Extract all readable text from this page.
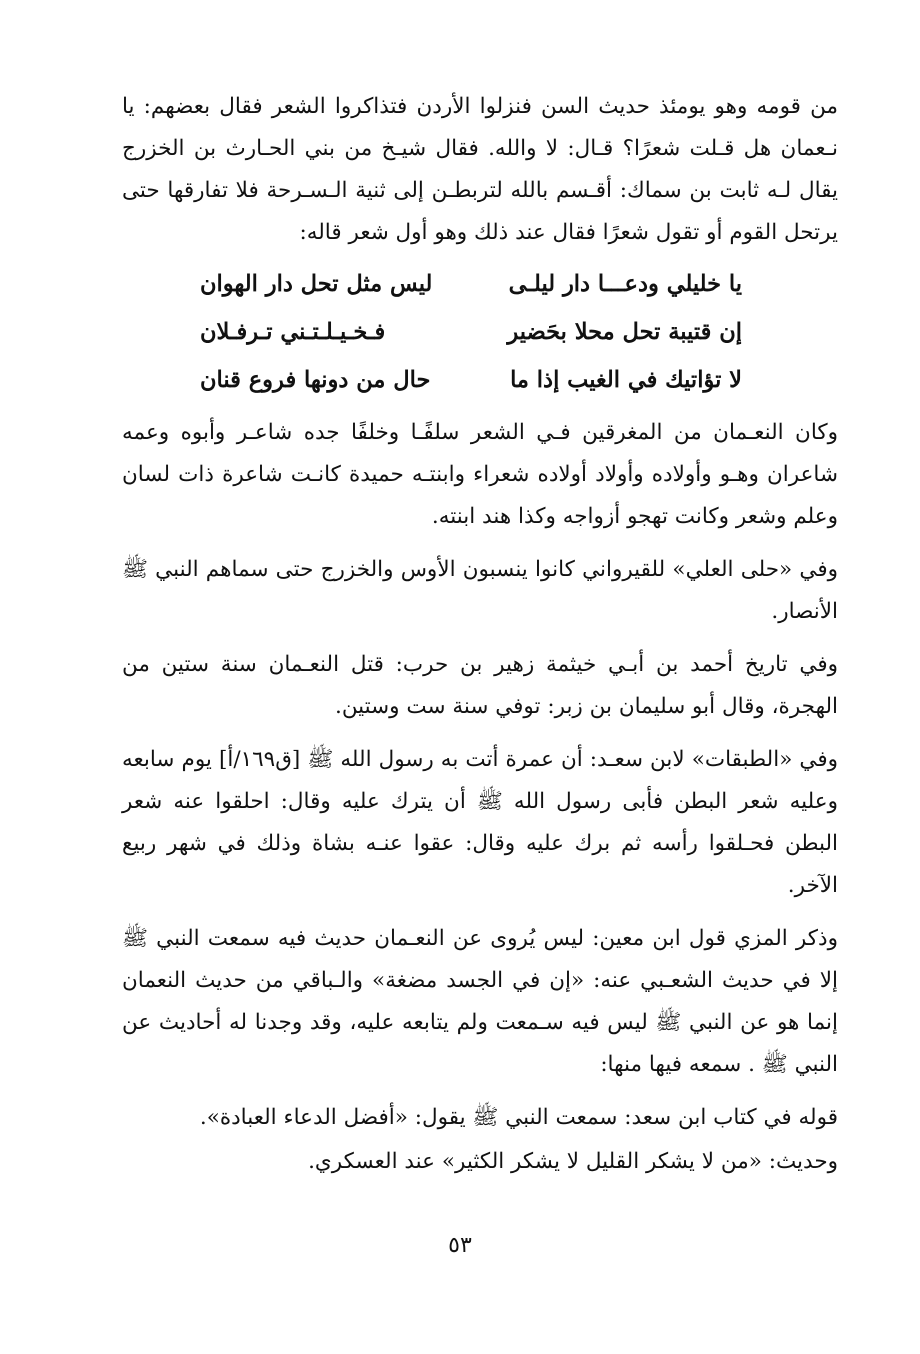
من قومه وهو يومئذ حديث السن فنزلوا الأردن فتذاكروا الشعر فقال بعضهم: يا نـعمان هل قـلت شعرًا؟ قـال: لا والله. فقال شيـخ من بني الحـارث بن الخزرج يقال لـه ثابت بن سماك: أقـسم بالله لتربطـن إلى ثنية الـسـرحة فلا تفارقها حتى يرتحل القوم أو تقول شعرًا فقال عند ذلك وهو أول شعر قاله:

يا خليلي ودعـــا دار ليلـى
ليس مثل تحل دار الهوان
إن قتيبة تحل محلا بحَضير
فـخـيـلـتـني تـرفـلان
لا تؤاتيك في الغيب إذا ما
حال من دونها فروع قنان

وكان النعـمان من المغرقين فـي الشعر سلفًـا وخلفًا جده شاعـر وأبوه وعمه شاعران وهـو وأولاده وأولاد أولاده شعراء وابنتـه حميدة كانـت شاعرة ذات لسان وعلم وشعر وكانت تهجو أزواجه وكذا هند ابنته.

وفي «حلى العلي» للقيرواني كانوا ينسبون الأوس والخزرج حتى سماهم النبي ﷺ الأنصار.

وفي تاريخ أحمد بن أبـي خيثمة زهير بن حرب: قتل النعـمان سنة ستين من الهجرة، وقال أبو سليمان بن زبر: توفي سنة ست وستين.

وفي «الطبقات» لابن سعـد: أن عمرة أتت به رسول الله ﷺ [ق١٦٩/أ] يوم سابعه وعليه شعر البطن فأبى رسول الله ﷺ أن يترك عليه وقال: احلقوا عنه شعر البطن فحـلقوا رأسه ثم برك عليه وقال: عقوا عنـه بشاة وذلك في شهر ربيع الآخر.

وذكر المزي قول ابن معين: ليس يُروى عن النعـمان حديث فيه سمعت النبي ﷺ إلا في حديث الشعـبي عنه: «إن في الجسد مضغة» والـباقي من حديث النعمان إنما هو عن النبي ﷺ ليس فيه سـمعت ولم يتابعه عليه، وقد وجدنا له أحاديث عن النبي ﷺ . سمعه فيها منها:

قوله في كتاب ابن سعد: سمعت النبي ﷺ يقول: «أفضل الدعاء العبادة».

وحديث: «من لا يشكر القليل لا يشكر الكثير» عند العسكري.

٥٣
